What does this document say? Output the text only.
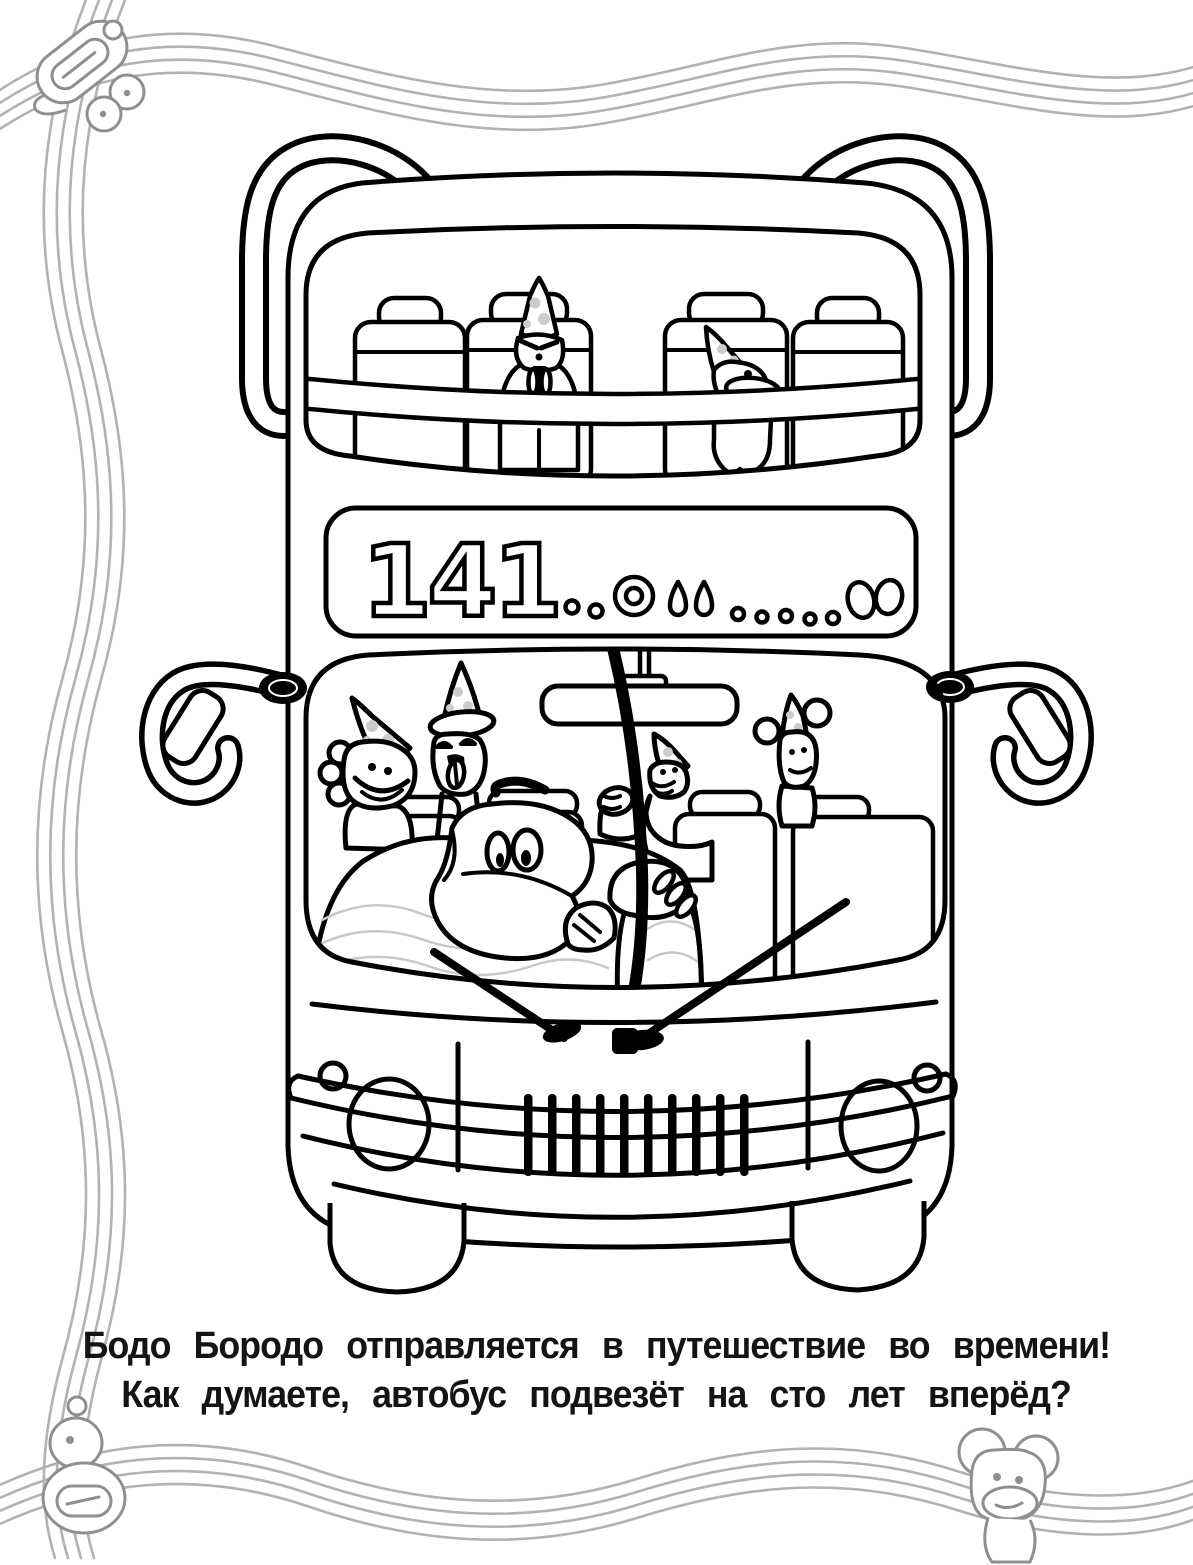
141
Бодо Бородо отправляется в путешествие во времени!
Как думаете, автобус подвезёт на сто лет вперёд?
